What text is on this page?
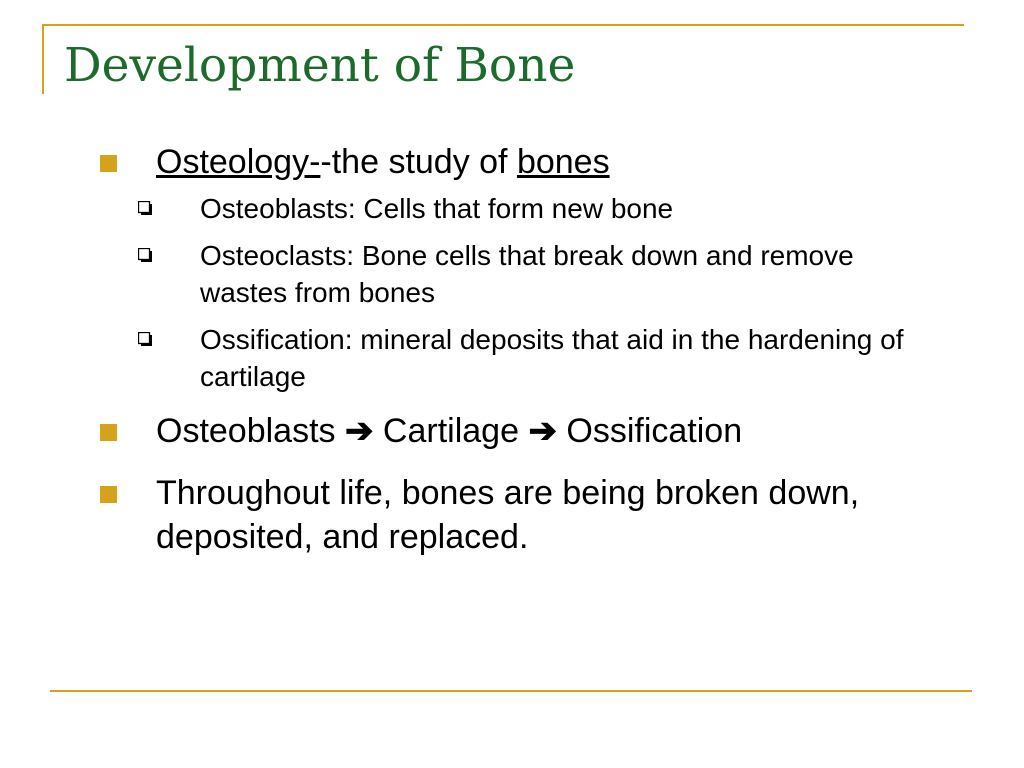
Development of Bone
Osteology--the study of bones
Osteoblasts: Cells that form new bone
Osteoclasts: Bone cells that break down and remove wastes from bones
Ossification: mineral deposits that aid in the hardening of cartilage
Osteoblasts ➔ Cartilage ➔ Ossification
Throughout life, bones are being broken down, deposited, and replaced.
